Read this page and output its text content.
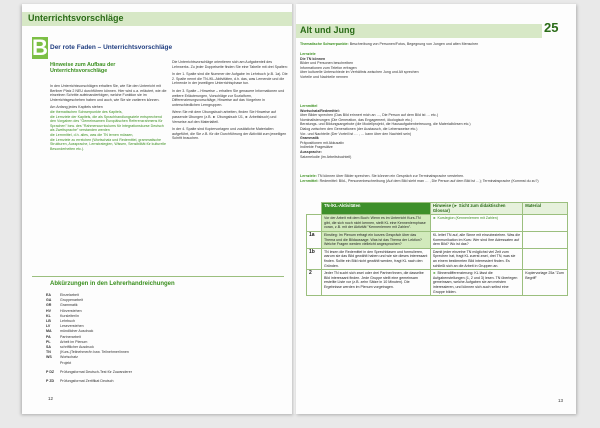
Unterrichtsvorschläge
B Der rote Faden – Unterrichtsvorschläge
Hinweise zum Aufbau der Unterrichtsvorschläge
In den Unterrichtsvorschlägen erhalten Sie, wie Sie den Unterricht mit Berliner Platz 2 NEU durchführen können. Hier wird u.a. erläutert, wie die einzelnen Schritte aufeinanderfolgen, welche Funktion sie im Unterrichtsgeschehen haben und auch, wie Sie sie variieren können.
Am Anfang jedes Kapitels stehen
die thematischen Schwerpunkte des Kapitels,
die Lernziele der Kapitels, die als Sprachhandlungsziele entsprechend den Vorgaben des "Gemeinsamen Europäischen Referenzrahmens für Sprachen" bzw. des "Rahmencurriculums für Integrationskurse Deutsch als Zweitsprache" verstanden werden
die Lernmittel, d.h. alles, was die TN lernen müssen,
die Lernziele zu erreichen (Wortschatz und Redemittel, grammatische Strukturen, Aussprache, Lernstrategien, Wissen, Sensibilität für kulturelle Besonderheiten etc.).
Die Unterrichtsvorschläge orientieren sich am Aufgabenteil des Lehrwerks. Zu jeder Doppelseite finden Sie eine Tabelle mit drei Spalten:
In der 1. Spalte sind die Nummer der Aufgabe im Lehrbuch (z.B. 1a). Die 2. Spalte nennt die TN-/KL-Aktivitäten, d.h. das, was Lernende und die Lehrende in der jeweiligen Unterrichtsphase tun.
In der 3. Spalte – Hinweise – erhalten Sie genauere Informationen und weitere Erläuterungen, Vorschläge zur Sozialform, Differenzierungsvorschläge, Hinweise auf das Vorgehen in unterschiedlichen Lerngruppen.
Wenn Sie mit dem Übungsbuch arbeiten, finden Sie Hinweise auf passende Übungen (z.B. ► Übungsbuch Ü1, ► Arbeitsbuch) und Verweise auf den Materialteil.
In der 4. Spalte sind Kopiervorlagen und zusätzliche Materialien aufgeführt, die Sie z.B. für die Durchführung der Aktivität zum jeweiligen Schritt brauchen.
Abkürzungen in den Lehrerhandreichungen
EA	Einzelarbeit
GA	Gruppenarbeit
GR	Grammatik
HV	Hörverstehen
KL	Kursleiter/in
LB	Lehrbuch
LV	Leseverstehen
MA	mündlicher Ausdruck
PA	Partnerarbeit
PL	Arbeit im Plenum
SA	schriftlicher Ausdruck
TN	(Kurs-)Teilnehmer/in bzw. Teilnehmer/innen
WS	Wortschatz
Projekt
P DZ	Prüfungsformat Deutsch-Test für Zuwanderer
P ZD	Prüfungsformat Zertifikat Deutsch
12
Alt und Jung	25
Thematische Schwerpunkte: Beschreibung von Personen/Fotos, Begegnung von Jungen und alten Menschen
Lernziele
Die TN können
Bilder und Personen beschreiben
Informationen zum Telefon erfragen
über kulturelle Unterschiede im Verhältnis zwischen Jung und Alt sprechen
Vorteile und Nachteile nennen
Lernmittel
Wortschatz/Redemittel:
über Bilder sprechen (Das Bild erinnert mich an …, Die Person auf dem Bild ist … etc.)
Nominalisierungen (Die Generation, das Engagement, ökologisch etc.)
Beratungs- und Bildungsangebote (die Modellprojekt, die Hausaufgabenbetreuung, die Materialbörsen etc.)
Dialog zwischen den Generationen (der Austausch, die Lebensweise etc.)
Vor- und Nachteile (Der Vorteil ist … , … kann über den Nachteil sein)
Grammatik
Präpositionen mit Akkusativ
Indirekte Fragesätze
Aussprache:
Satzmelodie (im Arbeitsbuchteil)
Lernziele: TN können über Bilder sprechen. Sie können ein Gespräch zur Terminabsprache verstehen.
Lernmittel: Redemittel: Bild-, Personenbeschreibung (Auf dem Bild sieht man … , Die Person auf dem Bild ist …); Terminabsprache (Kommst du zu?)
	TN-/KL-Aktivitäten	Hinweise (► Sicht zum didaktischen Glossar)	Material
	Vor der Arbeit mit dem Buch: Wenn es im Unterricht Kurs-TN gibt, die sich noch nicht kennen, stellt KL eine Kennenlernphase voran, z.B. mit der Aktivität "Kennenlernen mit Zahlen".	► Kurslegion (Kennenlernen mit Zahlen)	
1a	Einstieg: Im Plenum erfragt ein kurzes Gespräch über das Thema und die Bildaussage. Was ist das Thema der Lektion? Welche Fragen werden vielleicht angesprochen?	KL leitet TN auf, alle Sinne mit einzubeziehen. Was die Kommunikation im Kurs: Wer sind Ihre Adressaten auf dem Bild? Wo ist das?	
1b	TN lesen die Redemittel in den Sprechblasen und formulieren, warum sie das Bild gewählt haben und wie sie dieses interessant finden. Sollte ein Bild nicht gewählt werden, fragt KL nach den Gründen.	Damit jeder einzelne TN möglichst viel Zeit zum Sprechen hat, fragt KL zuerst zwei, drei TN, was sie an einem bestimmten Bild interessiert finden. Es schließt sich an die Arbeit in Gruppen an.	
2	Jeder TN sucht sich zwei oder drei Partner/innen, die dasselbe Bild interessant finden. Jede Gruppe stellt eine gemeinsam erstellte Liste vor (z.B. zehn Sätze in 10 Minuten). Die Ergebnisse werden im Plenum vorgetragen.	► Binnendifferenzierung: KL lässt die Aufgabenstellungen (1, 2 und 3) lesen. TN überlegen gemeinsam, welche Aufgaben sie am meisten interessieren, und können sich auch selbst eine Gruppe bilden.	Kopiervorlage 25a "Zum Begriff"
13
